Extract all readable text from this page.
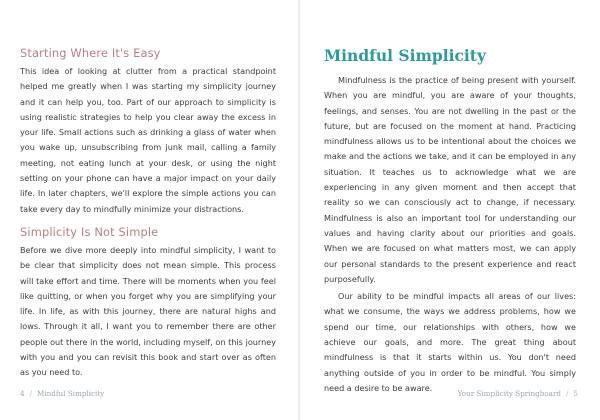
Starting Where It's Easy

This idea of looking at clutter from a practical standpoint helped me greatly when I was starting my simplicity journey and it can help you, too. Part of our approach to simplicity is using realistic strategies to help you clear away the excess in your life. Small actions such as drinking a glass of water when you wake up, unsubscribing from junk mail, calling a family meeting, not eating lunch at your desk, or using the night setting on your phone can have a major impact on your daily life. In later chapters, we'll explore the simple actions you can take every day to mindfully minimize your distractions.

Simplicity Is Not Simple

Before we dive more deeply into mindful simplicity, I want to be clear that simplicity does not mean simple. This process will take effort and time. There will be moments when you feel like quitting, or when you forget why you are simplifying your life. In life, as with this journey, there are natural highs and lows. Through it all, I want you to remember there are other people out there in the world, including myself, on this journey with you and you can revisit this book and start over as often as you need to.

4 / Mindful Simplicity
Mindful Simplicity

Mindfulness is the practice of being present with yourself. When you are mindful, you are aware of your thoughts, feelings, and senses. You are not dwelling in the past or the future, but are focused on the moment at hand. Practicing mindfulness allows us to be intentional about the choices we make and the actions we take, and it can be employed in any situation. It teaches us to acknowledge what we are experiencing in any given moment and then accept that reality so we can consciously act to change, if necessary. Mindfulness is also an important tool for understanding our values and having clarity about our priorities and goals. When we are focused on what matters most, we can apply our personal standards to the present experience and react purposefully.

Our ability to be mindful impacts all areas of our lives: what we consume, the ways we address problems, how we spend our time, our relationships with others, how we achieve our goals, and more. The great thing about mindfulness is that it starts within us. You don't need anything outside of you in order to be mindful. You simply need a desire to be aware.

Your Simplicity Springboard / 5
